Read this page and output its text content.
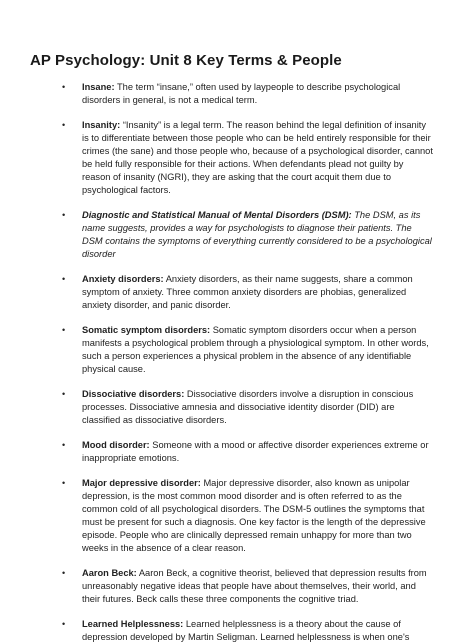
AP Psychology: Unit 8 Key Terms & People
• Insane: The term “insane,” often used by laypeople to describe psychological disorders in general, is not a medical term.
• Insanity: “Insanity” is a legal term. The reason behind the legal definition of insanity is to differentiate between those people who can be held entirely responsible for their crimes (the sane) and those people who, because of a psychological disorder, cannot be held fully responsible for their actions. When defendants plead not guilty by reason of insanity (NGRI), they are asking that the court acquit them due to psychological factors.
• Diagnostic and Statistical Manual of Mental Disorders (DSM): The DSM, as its name suggests, provides a way for psychologists to diagnose their patients. The DSM contains the symptoms of everything currently considered to be a psychological disorder
• Anxiety disorders: Anxiety disorders, as their name suggests, share a common symptom of anxiety. Three common anxiety disorders are phobias, generalized anxiety disorder, and panic disorder.
• Somatic symptom disorders: Somatic symptom disorders occur when a person manifests a psychological problem through a physiological symptom. In other words, such a person experiences a physical problem in the absence of any identifiable physical cause.
• Dissociative disorders: Dissociative disorders involve a disruption in conscious processes. Dissociative amnesia and dissociative identity disorder (DID) are classified as dissociative disorders.
• Mood disorder: Someone with a mood or affective disorder experiences extreme or inappropriate emotions.
• Major depressive disorder: Major depressive disorder, also known as unipolar depression, is the most common mood disorder and is often referred to as the common cold of all psychological disorders. The DSM-5 outlines the symptoms that must be present for such a diagnosis. One key factor is the length of the depressive episode. People who are clinically depressed remain unhappy for more than two weeks in the absence of a clear reason.
• Aaron Beck: Aaron Beck, a cognitive theorist, believed that depression results from unreasonably negative ideas that people have about themselves, their world, and their futures. Beck calls these three components the cognitive triad.
• Learned Helplessness: Learned helplessness is a theory about the cause of depression developed by Martin Seligman. Learned helplessness is when one's
